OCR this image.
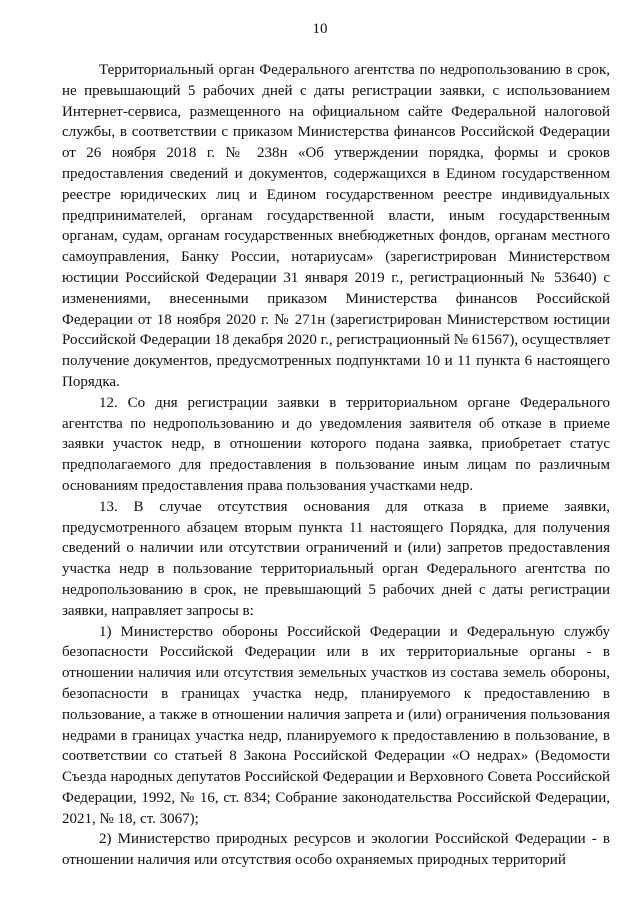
10

Территориальный орган Федерального агентства по недропользованию в срок, не превышающий 5 рабочих дней с даты регистрации заявки, с использованием Интернет-сервиса, размещенного на официальном сайте Федеральной налоговой службы, в соответствии с приказом Министерства финансов Российской Федерации от 26 ноября 2018 г. № 238н «Об утверждении порядка, формы и сроков предоставления сведений и документов, содержащихся в Едином государственном реестре юридических лиц и Едином государственном реестре индивидуальных предпринимателей, органам государственной власти, иным государственным органам, судам, органам государственных внебюджетных фондов, органам местного самоуправления, Банку России, нотариусам» (зарегистрирован Министерством юстиции Российской Федерации 31 января 2019 г., регистрационный № 53640) с изменениями, внесенными приказом Министерства финансов Российской Федерации от 18 ноября 2020 г. № 271н (зарегистрирован Министерством юстиции Российской Федерации 18 декабря 2020 г., регистрационный № 61567), осуществляет получение документов, предусмотренных подпунктами 10 и 11 пункта 6 настоящего Порядка.

12. Со дня регистрации заявки в территориальном органе Федерального агентства по недропользованию и до уведомления заявителя об отказе в приеме заявки участок недр, в отношении которого подана заявка, приобретает статус предполагаемого для предоставления в пользование иным лицам по различным основаниям предоставления права пользования участками недр.

13. В случае отсутствия основания для отказа в приеме заявки, предусмотренного абзацем вторым пункта 11 настоящего Порядка, для получения сведений о наличии или отсутствии ограничений и (или) запретов предоставления участка недр в пользование территориальный орган Федерального агентства по недропользованию в срок, не превышающий 5 рабочих дней с даты регистрации заявки, направляет запросы в:

1) Министерство обороны Российской Федерации и Федеральную службу безопасности Российской Федерации или в их территориальные органы - в отношении наличия или отсутствия земельных участков из состава земель обороны, безопасности в границах участка недр, планируемого к предоставлению в пользование, а также в отношении наличия запрета и (или) ограничения пользования недрами в границах участка недр, планируемого к предоставлению в пользование, в соответствии со статьей 8 Закона Российской Федерации «О недрах» (Ведомости Съезда народных депутатов Российской Федерации и Верховного Совета Российской Федерации, 1992, № 16, ст. 834; Собрание законодательства Российской Федерации, 2021, № 18, ст. 3067);

2) Министерство природных ресурсов и экологии Российской Федерации - в отношении наличия или отсутствия особо охраняемых природных территорий
